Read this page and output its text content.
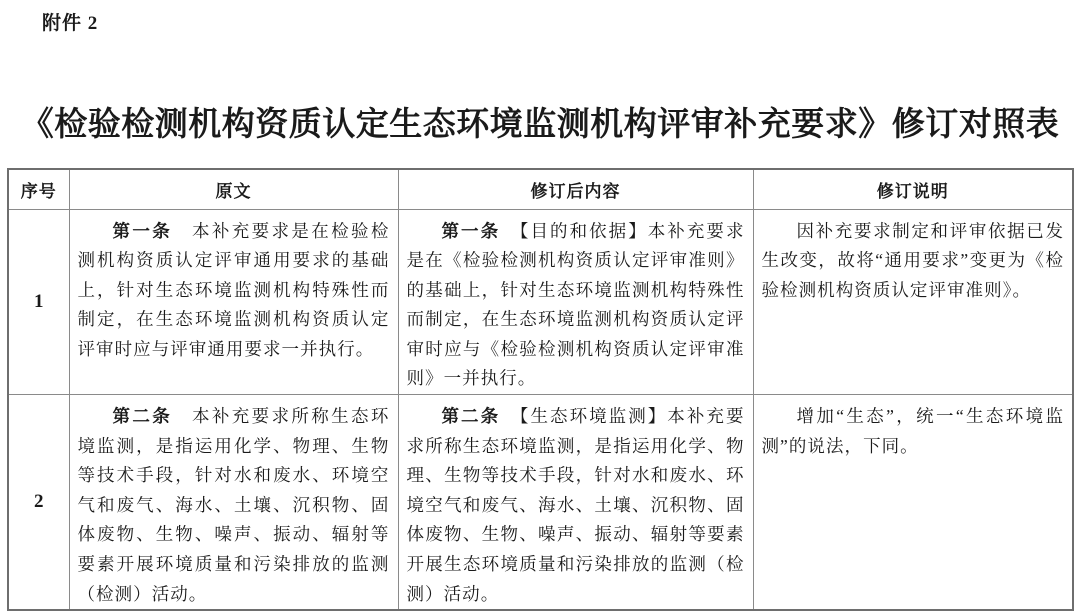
附件 2
《检验检测机构资质认定生态环境监测机构评审补充要求》修订对照表
序号	原文	修订后内容	修订说明
1	第一条　本补充要求是在检验检测机构资质认定评审通用要求的基础上，针对生态环境监测机构特殊性而制定，在生态环境监测机构资质认定评审时应与评审通用要求一并执行。	第一条　【目的和依据】本补充要求是在《检验检测机构资质认定评审准则》的基础上，针对生态环境监测机构特殊性而制定，在生态环境监测机构资质认定评审时应与《检验检测机构资质认定评审准则》一并执行。	因补充要求制定和评审依据已发生改变，故将“通用要求”变更为《检验检测机构资质认定评审准则》。

2	第二条　本补充要求所称生态环境监测，是指运用化学、物理、生物等技术手段，针对水和废水、环境空气和废气、海水、土壤、沉积物、固体废物、生物、噪声、振动、辐射等要素开展环境质量和污染排放的监测（检测）活动。	第二条　【生态环境监测】本补充要求所称生态环境监测，是指运用化学、物理、生物等技术手段，针对水和废水、环境空气和废气、海水、土壤、沉积物、固体废物、生物、噪声、振动、辐射等要素开展生态环境质量和污染排放的监测（检测）活动。	增加“生态”，统一“生态环境监测”的说法，下同。
